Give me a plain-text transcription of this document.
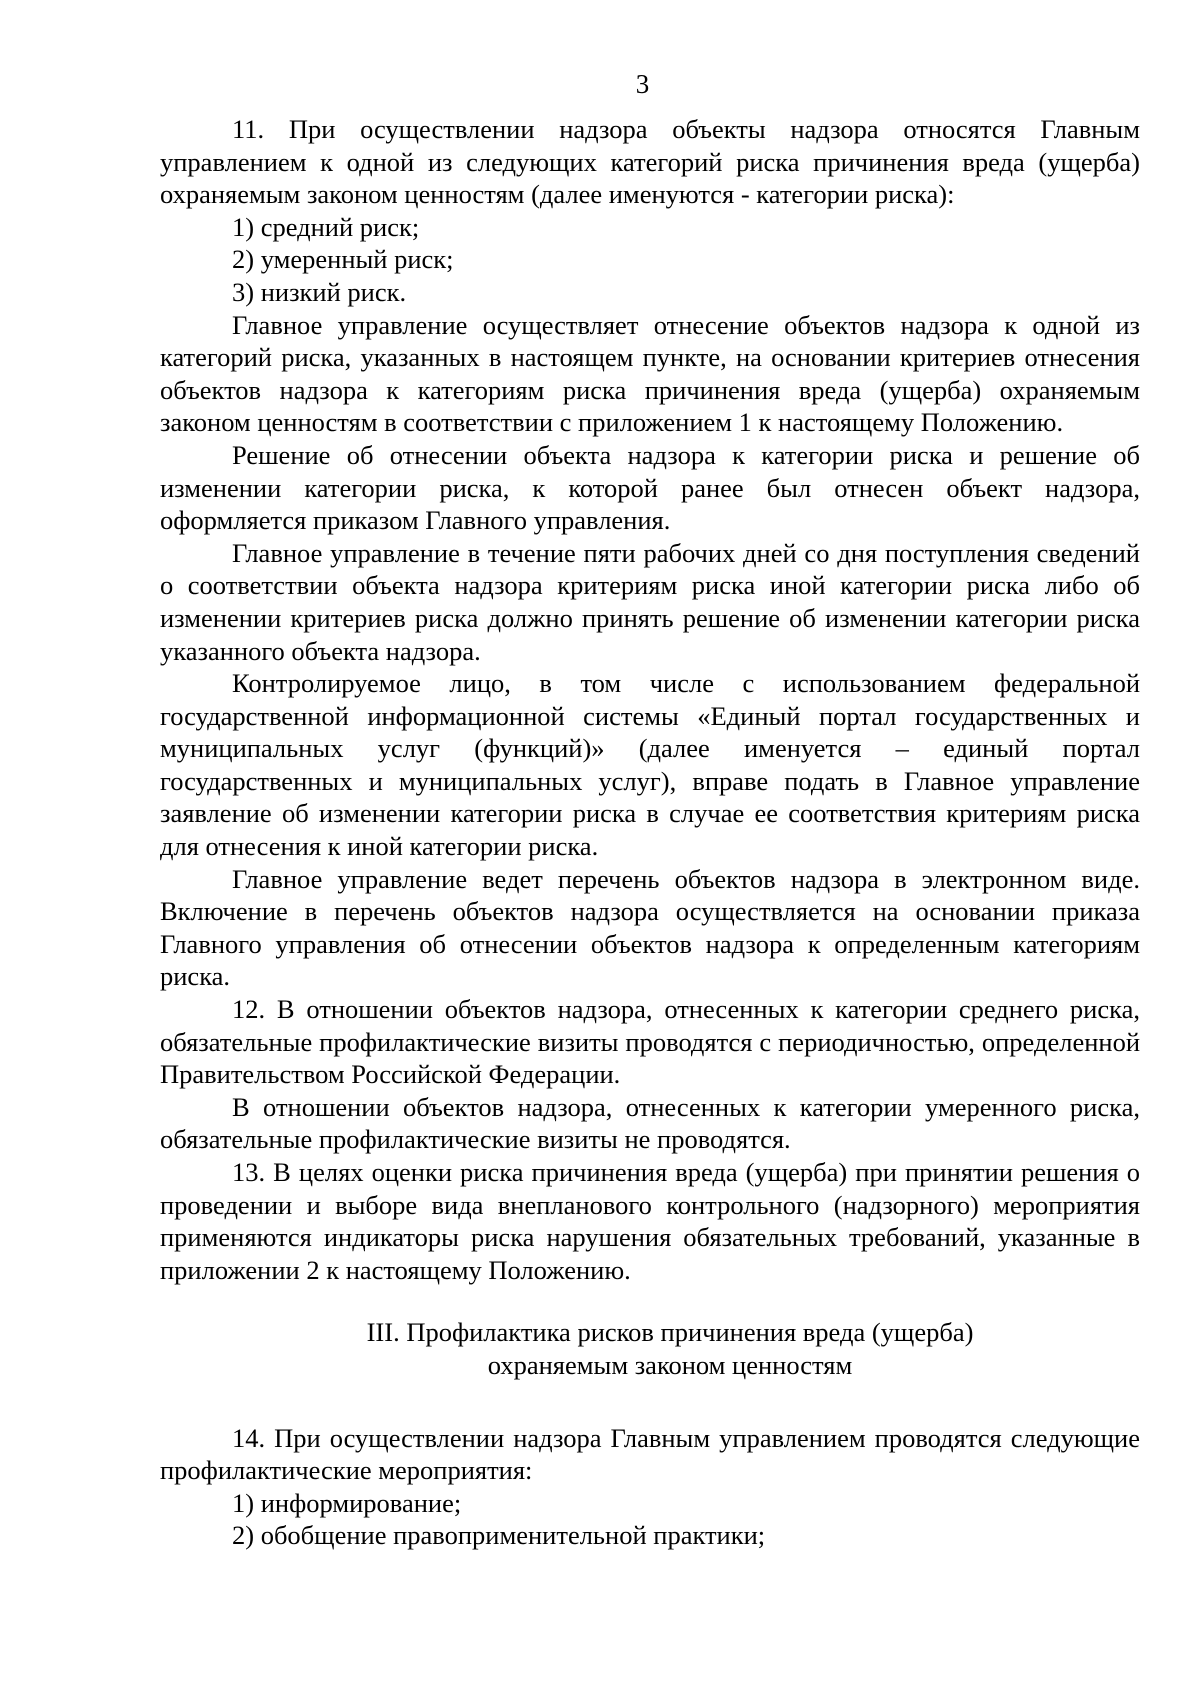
3

11. При осуществлении надзора объекты надзора относятся Главным управлением к одной из следующих категорий риска причинения вреда (ущерба) охраняемым законом ценностям (далее именуются - категории риска):

1) средний риск;

2) умеренный риск;

3) низкий риск.

Главное управление осуществляет отнесение объектов надзора к одной из категорий риска, указанных в настоящем пункте, на основании критериев отнесения объектов надзора к категориям риска причинения вреда (ущерба) охраняемым законом ценностям в соответствии с приложением 1 к настоящему Положению.

Решение об отнесении объекта надзора к категории риска и решение об изменении категории риска, к которой ранее был отнесен объект надзора, оформляется приказом Главного управления.

Главное управление в течение пяти рабочих дней со дня поступления сведений о соответствии объекта надзора критериям риска иной категории риска либо об изменении критериев риска должно принять решение об изменении категории риска указанного объекта надзора.

Контролируемое лицо, в том числе с использованием федеральной государственной информационной системы «Единый портал государственных и муниципальных услуг (функций)» (далее именуется – единый портал государственных и муниципальных услуг), вправе подать в Главное управление заявление об изменении категории риска в случае ее соответствия критериям риска для отнесения к иной категории риска.

Главное управление ведет перечень объектов надзора в электронном виде. Включение в перечень объектов надзора осуществляется на основании приказа Главного управления об отнесении объектов надзора к определенным категориям риска.

12. В отношении объектов надзора, отнесенных к категории среднего риска, обязательные профилактические визиты проводятся с периодичностью, определенной Правительством Российской Федерации.

В отношении объектов надзора, отнесенных к категории умеренного риска, обязательные профилактические визиты не проводятся.

13. В целях оценки риска причинения вреда (ущерба) при принятии решения о проведении и выборе вида внепланового контрольного (надзорного) мероприятия применяются индикаторы риска нарушения обязательных требований, указанные в приложении 2 к настоящему Положению.

III. Профилактика рисков причинения вреда (ущерба)

охраняемым законом ценностям

14. При осуществлении надзора Главным управлением проводятся следующие профилактические мероприятия:

1) информирование;

2) обобщение правоприменительной практики;
